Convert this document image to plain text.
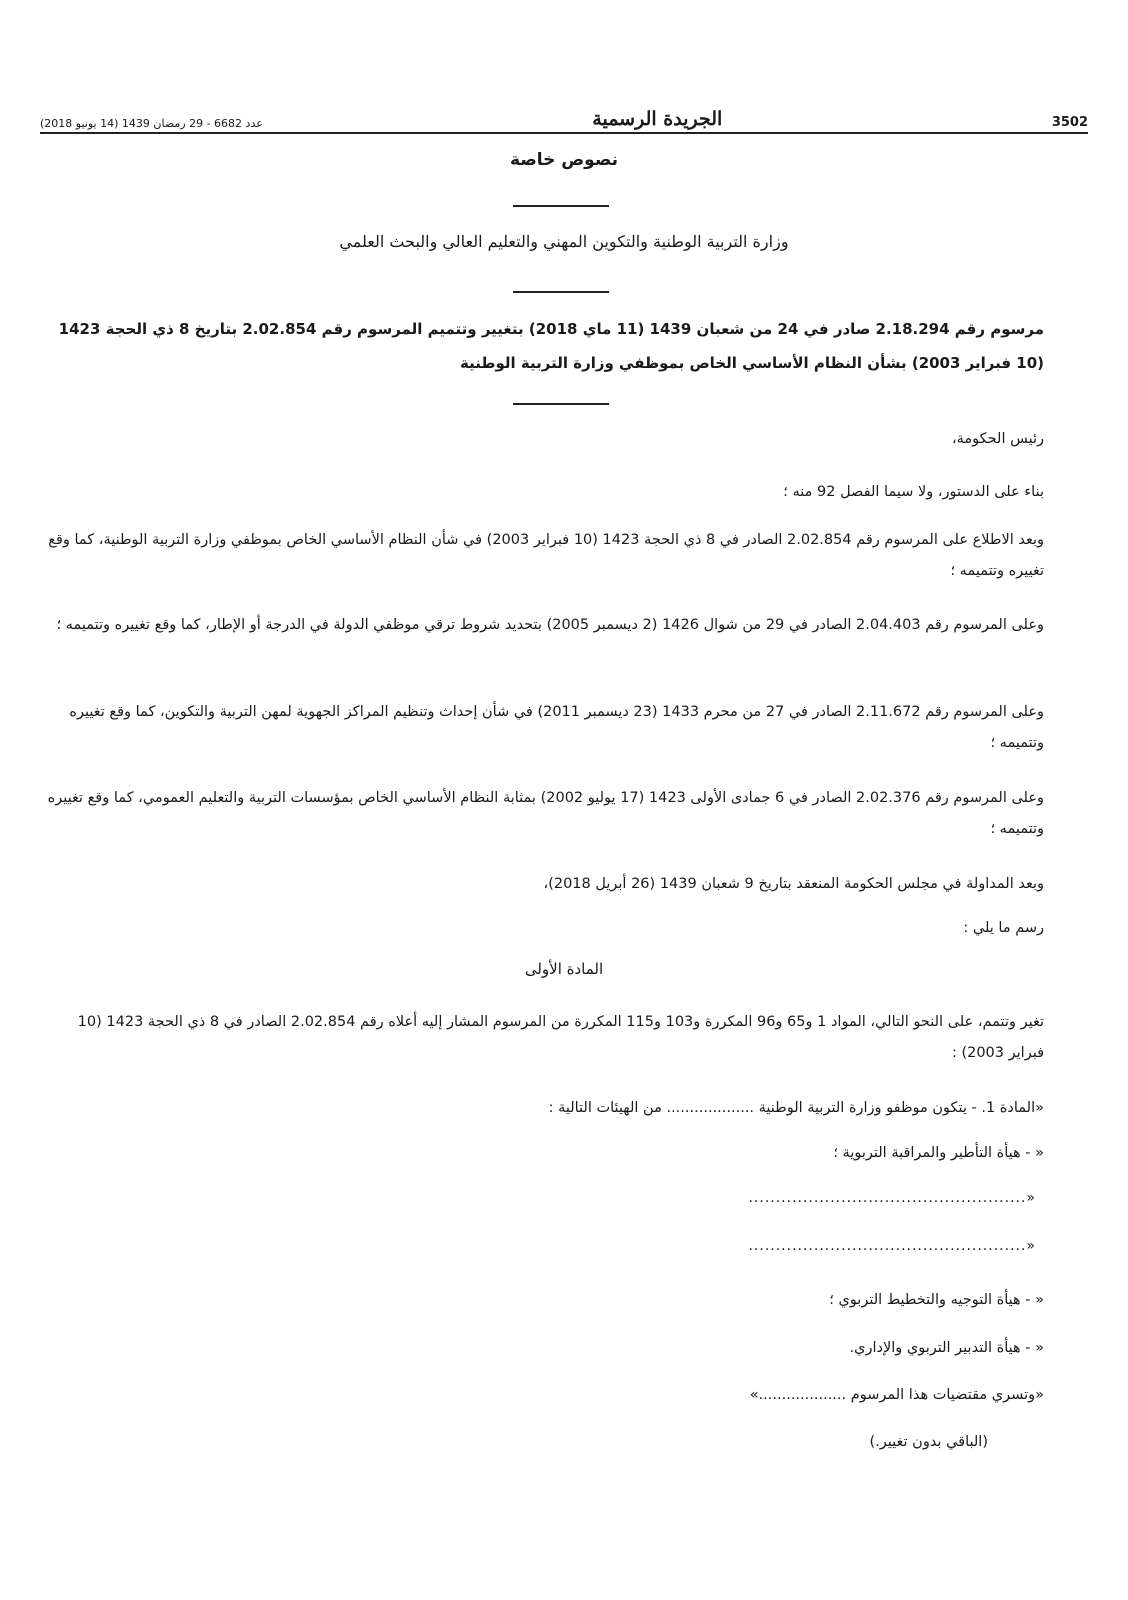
عدد 6682 - 29 رمضان 1439 (14 يونيو 2018)	الجريدة الرسمية	3502
نصوص خاصة
وزارة التربية الوطنية والتكوين المهني والتعليم العالي والبحث العلمي
مرسوم رقم 2.18.294 صادر في 24 من شعبان 1439 (11 ماي 2018) بتغيير وتتميم المرسوم رقم 2.02.854 بتاريخ 8 ذي الحجة 1423
(10 فبراير 2003) بشأن النظام الأساسي الخاص بموظفي وزارة التربية الوطنية
رئيس الحكومة،
بناء على الدستور، ولا سيما الفصل 92 منه ؛
وبعد الاطلاع على المرسوم رقم 2.02.854 الصادر في 8 ذي الحجة 1423 (10 فبراير 2003) في شأن النظام الأساسي الخاص بموظفي وزارة التربية الوطنية، كما وقع تغييره وتتميمه ؛
وعلى المرسوم رقم 2.04.403 الصادر في 29 من شوال 1426 (2 ديسمبر 2005) بتحديد شروط ترقي موظفي الدولة في الدرجة أو الإطار، كما وقع تغييره وتتميمه ؛
وعلى المرسوم رقم 2.11.672 الصادر في 27 من محرم 1433 (23 ديسمبر 2011) في شأن إحداث وتنظيم المراكز الجهوية لمهن التربية والتكوين، كما وقع تغييره وتتميمه ؛
وعلى المرسوم رقم 2.02.376 الصادر في 6 جمادى الأولى 1423 (17 يوليو 2002) بمثابة النظام الأساسي الخاص بمؤسسات التربية والتعليم العمومي، كما وقع تغييره وتتميمه ؛
وبعد المداولة في مجلس الحكومة المنعقد بتاريخ 9 شعبان 1439 (26 أبريل 2018)،
رسم ما يلي :
المادة الأولى
تغير وتتمم، على النحو التالي، المواد 1 و65 و96 المكررة و103 و115 المكررة من المرسوم المشار إليه أعلاه رقم 2.02.854 الصادر في 8 ذي الحجة 1423 (10 فبراير 2003) :
«المادة 1. - يتكون موظفو وزارة التربية الوطنية ................... من الهيئات التالية :
« - هيأة التأطير والمراقبة التربوية ؛
«...................................................
«...................................................
« - هيأة التوجيه والتخطيط التربوي ؛
« - هيأة التدبير التربوي والإداري.
«وتسري مقتضيات هذا المرسوم ...................»
(الباقي بدون تغيير.)
